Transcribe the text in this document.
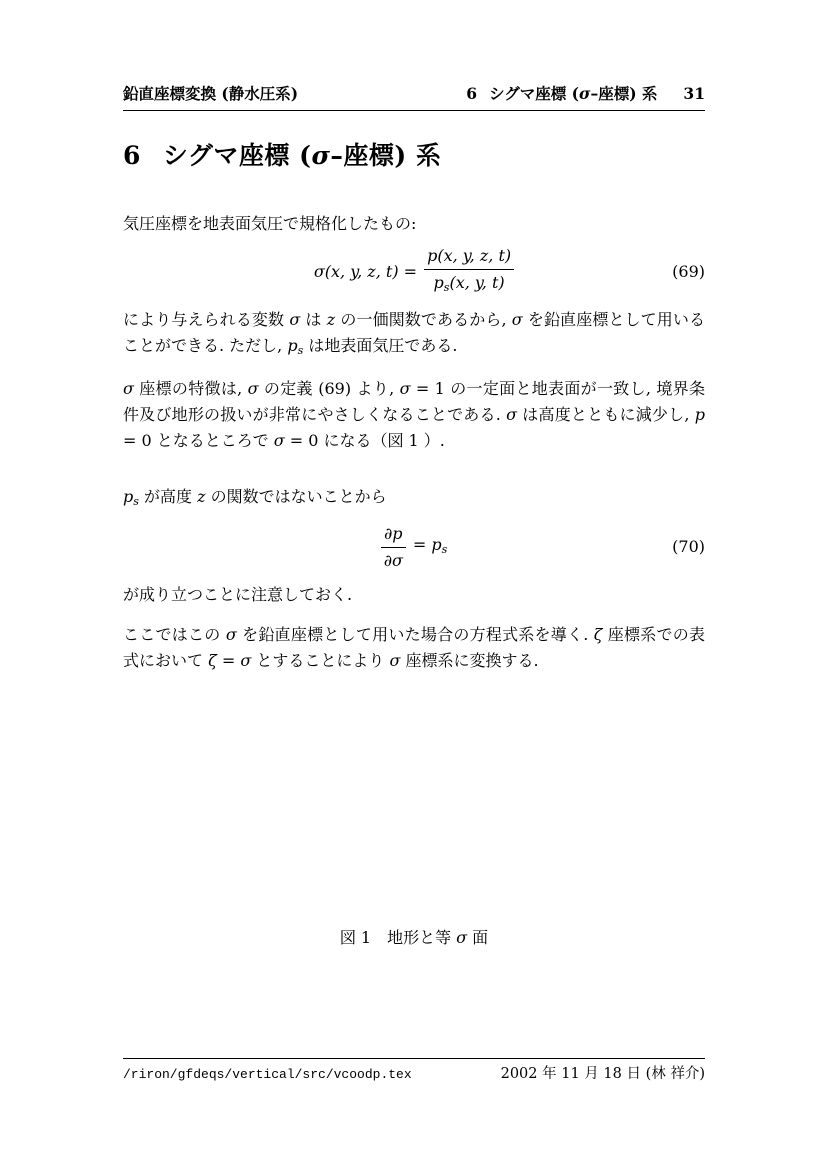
鉛直座標変換 (静水圧系)	6 シグマ座標 (σ–座標) 系 31
6 シグマ座標 (σ–座標) 系

気圧座標を地表面気圧で規格化したもの:

σ(x, y, z, $t) = \frac{p(x, y, z, t)}{ps(x, y, t)}$	(69)

により与えられる変数 σ は z の一価関数であるから, σ を鉛直座標として用いることができる. ただし, ps は地表面気圧である.

σ 座標の特徴は, σ の定義 (69) より, σ = 1 の一定面と地表面が一致し, 境界条件及び地形の扱いが非常にやさしくなることである. σ は高度とともに減少し, p = 0 となるところで σ = 0 になる（図 1 ）.

ps が高度 z の関数ではないことから

$\frac{\partial p}{\partial\sigma}$ = ps	(70)

が成り立つことに注意しておく.

ここではこの σ を鉛直座標として用いた場合の方程式系を導く. ζ 座標系での表式において ζ = σ とすることにより σ 座標系に変換する.

図 1　地形と等 σ 面

/riron/gfdeqs/vertical/src/vcoodp.tex	2002 年 11 月 18 日 (林 祥介)
